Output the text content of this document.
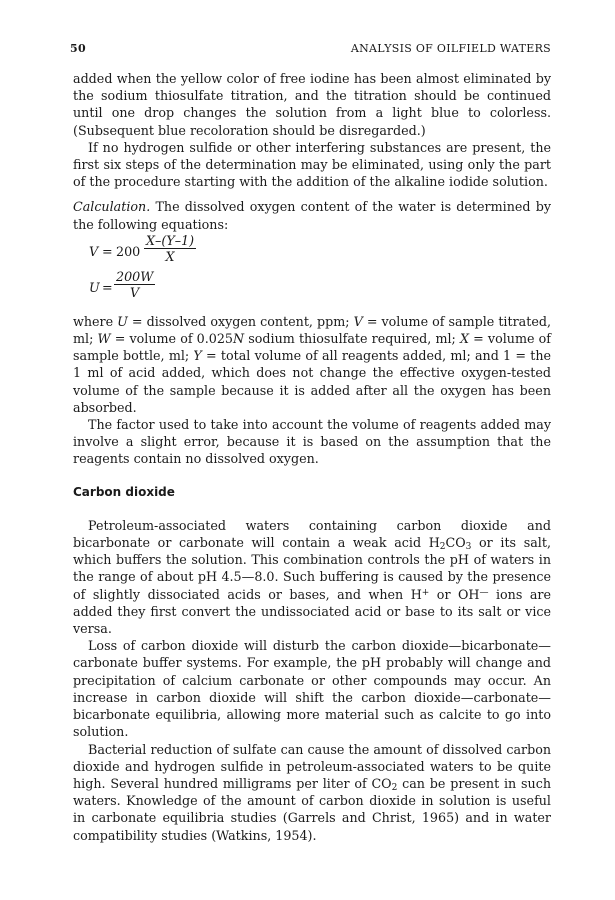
50	ANALYSIS OF OILFIELD WATERS

added when the yellow color of free iodine has been almost eliminated by the sodium thiosulfate titration, and the titration should be continued until one drop changes the solution from a light blue to colorless. (Subsequent blue recoloration should be disregarded.)

If no hydrogen sulfide or other interfering substances are present, the first six steps of the determination may be eliminated, using only the part of the procedure starting with the addition of the alkaline iodide solution.

Calculation. The dissolved oxygen content of the water is determined by the following equations:

$V = 200 \frac{X-(Y-1)}{X}$
$U = \frac{200W}{V}$

where U = dissolved oxygen content, ppm; V = volume of sample titrated, ml; W = volume of 0.025N sodium thiosulfate required, ml; X = volume of sample bottle, ml; Y = total volume of all reagents added, ml; and 1 = the 1 ml of acid added, which does not change the effective oxygen-tested volume of the sample because it is added after all the oxygen has been absorbed.

The factor used to take into account the volume of reagents added may involve a slight error, because it is based on the assumption that the reagents contain no dissolved oxygen.

Carbon dioxide

Petroleum-associated waters containing carbon dioxide and bicarbonate or carbonate will contain a weak acid $H_2CO_3$ or its salt, which buffers the solution. This combination controls the pH of waters in the range of about pH 4.5—8.0. Such buffering is caused by the presence of slightly dissociated acids or bases, and when H+ or OH— ions are added they first convert the undissociated acid or base to its salt or vice versa.

Loss of carbon dioxide will disturb the carbon dioxide—bicarbonate—carbonate buffer systems. For example, the pH probably will change and precipitation of calcium carbonate or other compounds may occur. An increase in carbon dioxide will shift the carbon dioxide—carbonate—bicarbonate equilibria, allowing more material such as calcite to go into solution.

Bacterial reduction of sulfate can cause the amount of dissolved carbon dioxide and hydrogen sulfide in petroleum-associated waters to be quite high. Several hundred milligrams per liter of $CO_2$ can be present in such waters. Knowledge of the amount of carbon dioxide in solution is useful in carbonate equilibria studies (Garrels and Christ, 1965) and in water compatibility studies (Watkins, 1954).
